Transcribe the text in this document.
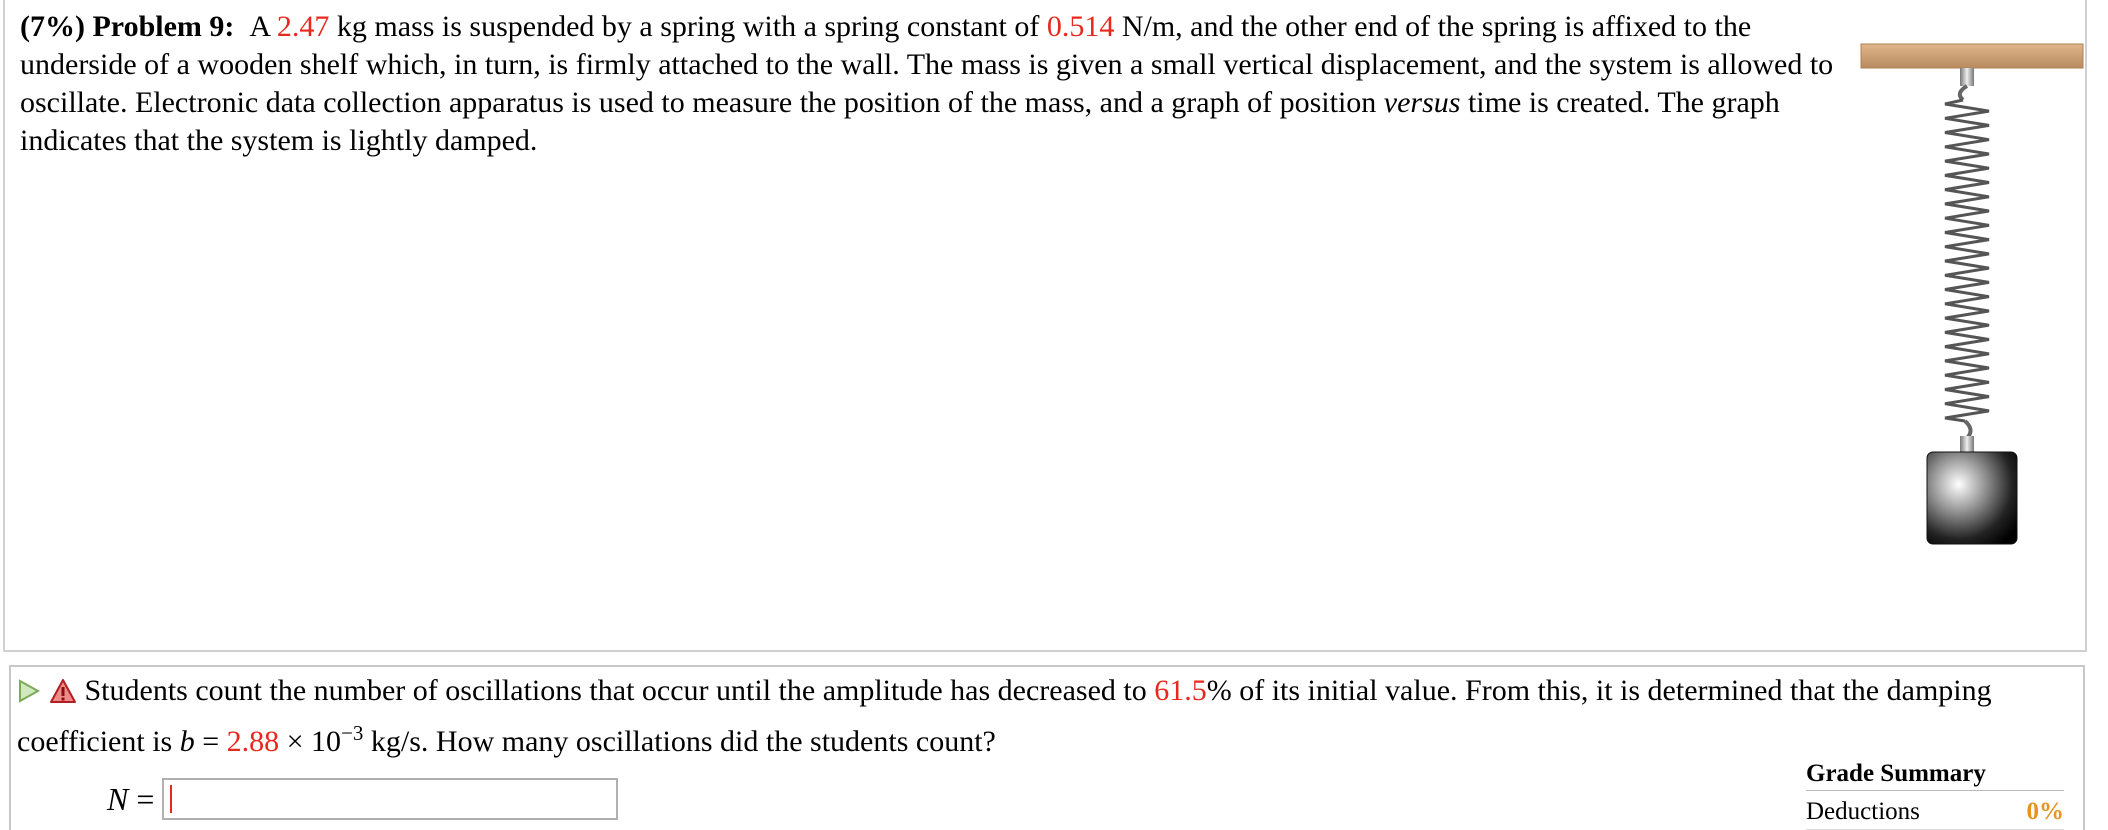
(7%) Problem 9: A 2.47 kg mass is suspended by a spring with a spring constant of 0.514 N/m, and the other end of the spring is affixed to the underside of a wooden shelf which, in turn, is firmly attached to the wall. The mass is given a small vertical displacement, and the system is allowed to oscillate. Electronic data collection apparatus is used to measure the position of the mass, and a graph of position versus time is created. The graph indicates that the system is lightly damped.
Students count the number of oscillations that occur until the amplitude has decreased to 61.5% of its initial value. From this, it is determined that the damping coefficient is $b = 2.88 \times 10^{-3}$ kg/s. How many oscillations did the students count?
N =
Grade Summary
Deductions	0%
